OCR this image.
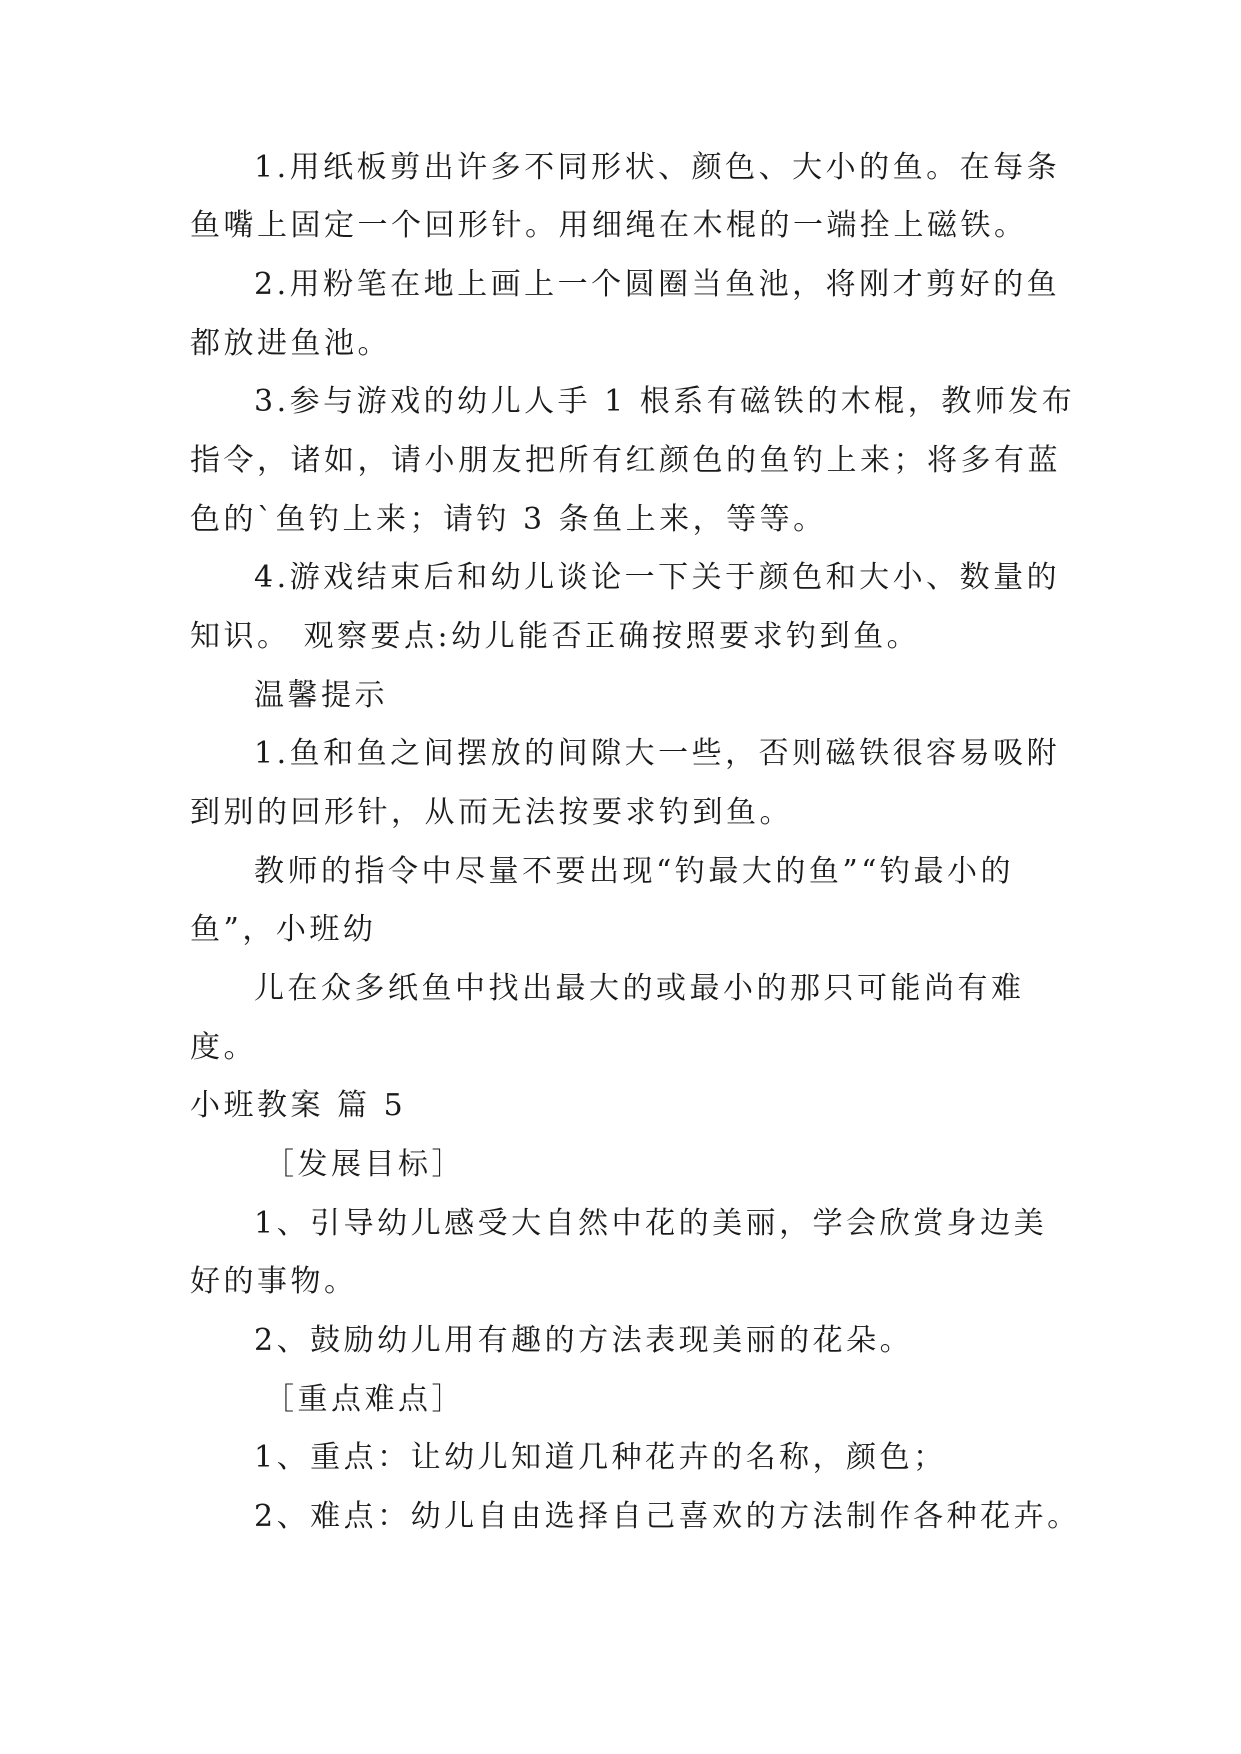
1.用纸板剪出许多不同形状、颜色、大小的鱼。在每条
鱼嘴上固定一个回形针。用细绳在木棍的一端拴上磁铁。
2.用粉笔在地上画上一个圆圈当鱼池，将刚才剪好的鱼
都放进鱼池。
3.参与游戏的幼儿人手 1 根系有磁铁的木棍，教师发布
指令，诸如，请小朋友把所有红颜色的鱼钓上来；将多有蓝
色的`鱼钓上来；请钓 3 条鱼上来，等等。
4.游戏结束后和幼儿谈论一下关于颜色和大小、数量的
知识。 观察要点:幼儿能否正确按照要求钓到鱼。
温馨提示
1.鱼和鱼之间摆放的间隙大一些，否则磁铁很容易吸附
到别的回形针，从而无法按要求钓到鱼。
教师的指令中尽量不要出现“钓最大的鱼”“钓最小的
鱼”，小班幼
儿在众多纸鱼中找出最大的或最小的那只可能尚有难
度。
小班教案 篇 5
［发展目标］
1、引导幼儿感受大自然中花的美丽，学会欣赏身边美
好的事物。
2、鼓励幼儿用有趣的方法表现美丽的花朵。
［重点难点］
1、重点：让幼儿知道几种花卉的名称，颜色；
2、难点：幼儿自由选择自己喜欢的方法制作各种花卉。
